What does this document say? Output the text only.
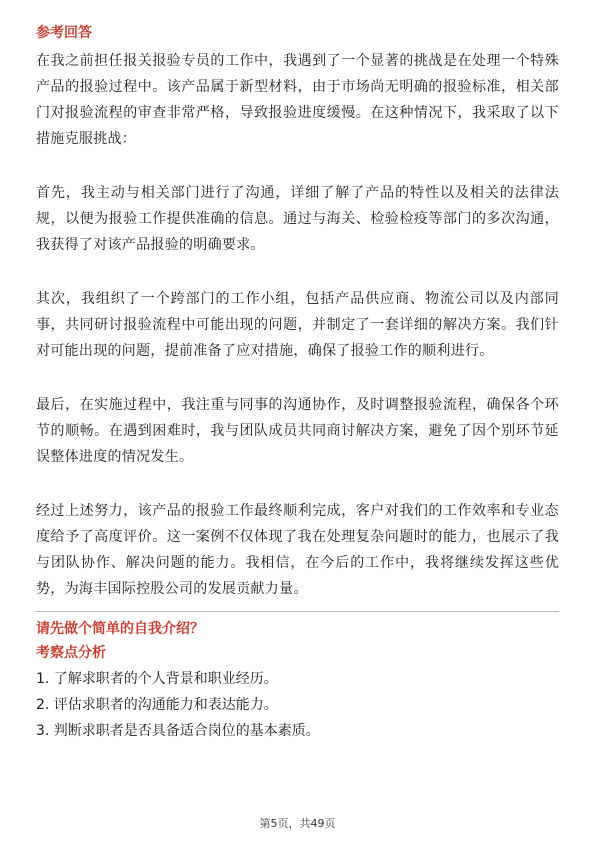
参考回答

在我之前担任报关报验专员的工作中，我遇到了一个显著的挑战是在处理一个特殊产品的报验过程中。该产品属于新型材料，由于市场尚无明确的报验标准，相关部门对报验流程的审查非常严格，导致报验进度缓慢。在这种情况下，我采取了以下措施克服挑战：

首先，我主动与相关部门进行了沟通，详细了解了产品的特性以及相关的法律法规，以便为报验工作提供准确的信息。通过与海关、检验检疫等部门的多次沟通，我获得了对该产品报验的明确要求。

其次，我组织了一个跨部门的工作小组，包括产品供应商、物流公司以及内部同事，共同研讨报验流程中可能出现的问题，并制定了一套详细的解决方案。我们针对可能出现的问题，提前准备了应对措施，确保了报验工作的顺利进行。

最后，在实施过程中，我注重与同事的沟通协作，及时调整报验流程，确保各个环节的顺畅。在遇到困难时，我与团队成员共同商讨解决方案，避免了因个别环节延误整体进度的情况发生。

经过上述努力，该产品的报验工作最终顺利完成，客户对我们的工作效率和专业态度给予了高度评价。这一案例不仅体现了我在处理复杂问题时的能力，也展示了我与团队协作、解决问题的能力。我相信，在今后的工作中，我将继续发挥这些优势，为海丰国际控股公司的发展贡献力量。

请先做个简单的自我介绍？
考察点分析

1. 了解求职者的个人背景和职业经历。

2. 评估求职者的沟通能力和表达能力。

3. 判断求职者是否具备适合岗位的基本素质。

第5页，共49页
